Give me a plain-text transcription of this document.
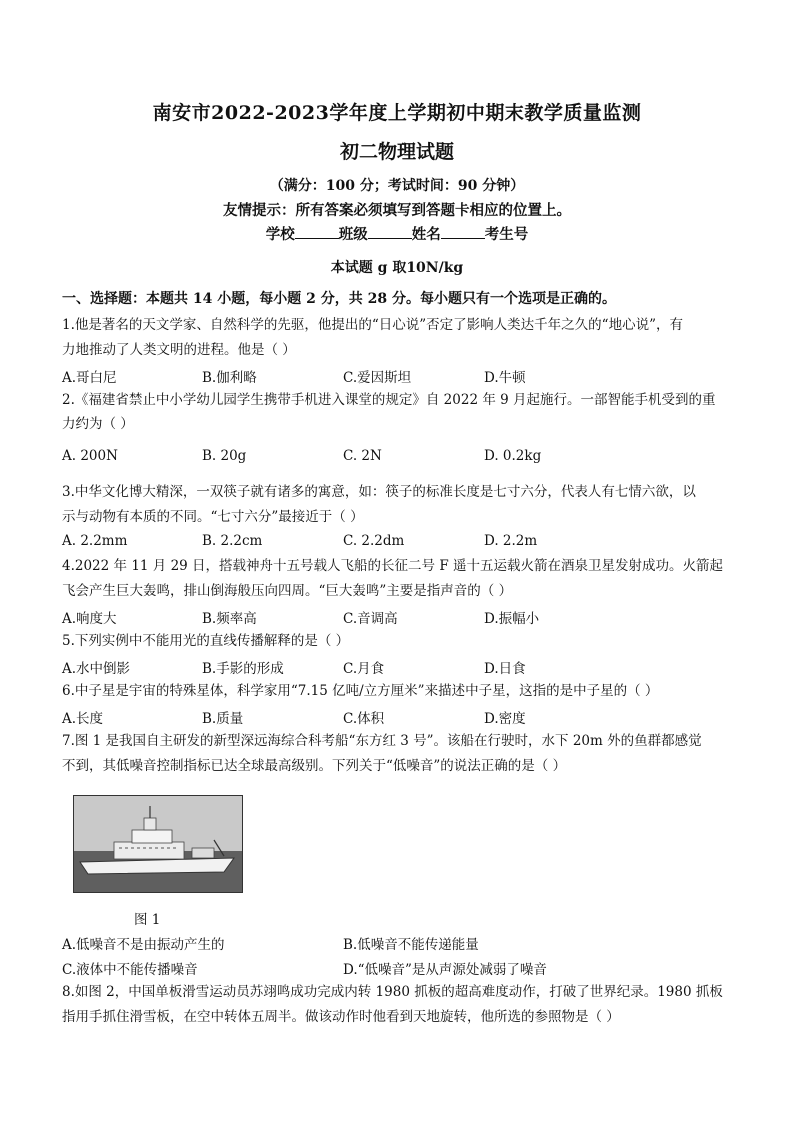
南安市2022-2023学年度上学期初中期末教学质量监测
初二物理试题
（满分：100 分；考试时间：90 分钟）
友情提示：所有答案必须填写到答题卡相应的位置上。
学校	班级	姓名	考生号
本试题 g 取10N/kg
一、选择题：本题共 14 小题，每小题 2 分，共 28 分。每小题只有一个选项是正确的。
1.他是著名的天文学家、自然科学的先驱，他提出的“日心说”否定了影响人类达千年之久的“地心说”，有
力地推动了人类文明的进程。他是（ ）
A.哥白尼	B.伽利略	C.爱因斯坦	D.牛顿
2.《福建省禁止中小学幼儿园学生携带手机进入课堂的规定》自 2022 年 9 月起施行。一部智能手机受到的重
力约为（ ）
A. 200N	B. 20g	C. 2N	D. 0.2kg
3.中华文化博大精深，一双筷子就有诸多的寓意，如：筷子的标准长度是七寸六分，代表人有七情六欲，以
示与动物有本质的不同。“七寸六分”最接近于（ ）
A. 2.2mm	B. 2.2cm	C. 2.2dm	D. 2.2m
4.2022 年 11 月 29 日，搭载神舟十五号载人飞船的长征二号 F 遥十五运载火箭在酒泉卫星发射成功。火箭起
飞会产生巨大轰鸣，排山倒海般压向四周。“巨大轰鸣”主要是指声音的（ ）
A.响度大	B.频率高	C.音调高	D.振幅小
5.下列实例中不能用光的直线传播解释的是（ ）
A.水中倒影	B.手影的形成	C.月食	D.日食
6.中子星是宇宙的特殊星体，科学家用“7.15 亿吨/立方厘米”来描述中子星，这指的是中子星的（ ）
A.长度	B.质量	C.体积	D.密度
7.图 1 是我国自主研发的新型深远海综合科考船“东方红 3 号”。该船在行驶时，水下 20m 外的鱼群都感觉
不到，其低噪音控制指标已达全球最高级别。下列关于“低噪音”的说法正确的是（ ）
图 1
A.低噪音不是由振动产生的	B.低噪音不能传递能量
C.液体中不能传播噪音	D.“低噪音”是从声源处减弱了噪音
8.如图 2，中国单板滑雪运动员苏翊鸣成功完成内转 1980 抓板的超高难度动作，打破了世界纪录。1980 抓板
指用手抓住滑雪板，在空中转体五周半。做该动作时他看到天地旋转，他所选的参照物是（ ）
